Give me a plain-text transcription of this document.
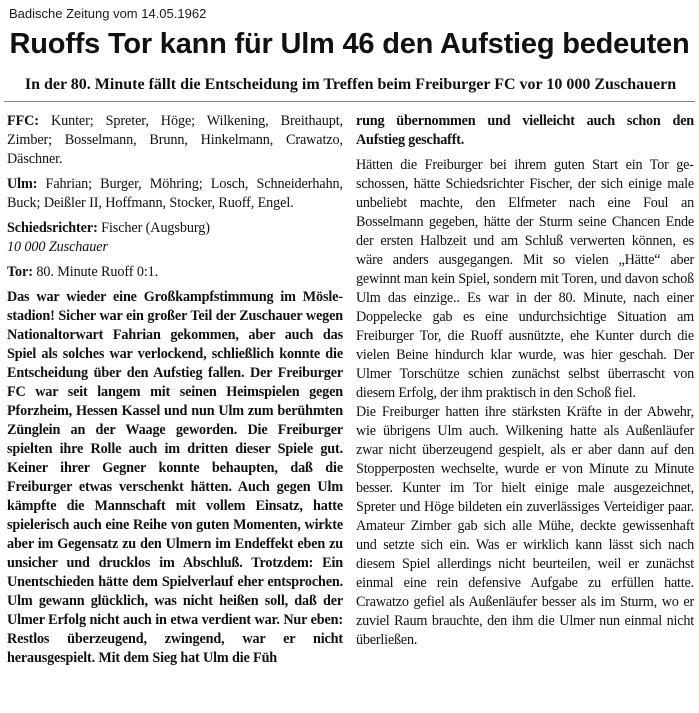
Badische Zeitung vom 14.05.1962
Ruoffs Tor kann für Ulm 46 den Aufstieg bedeuten
In der 80. Minute fällt die Entscheidung im Treffen beim Freiburger FC vor 10 000 Zuschauern

FFC: Kunter; Spreter, Höge; Wilkening, Breithaupt, Zimber; Bosselmann, Brunn, Hinkelmann, Crawatzo, Däschner.

Ulm: Fahrian; Burger, Möhring; Losch, Schneiderhahn, Buck; Deißler II, Hoffmann, Stocker, Ruoff, Engel.

Schiedsrichter: Fischer (Augsburg)

10 000 Zuschauer

Tor: 80. Minute Ruoff 0:1.

Das war wieder eine Großkampfstimmung im Möslestadion! Sicher war ein großer Teil der Zuschauer wegen Nationaltorwart Fahrian gekommen, aber auch das Spiel als solches war verlockend, schließlich konnte die Entscheidung über den Aufstieg fallen. Der Freiburger FC war seit langem mit seinen Heimspielen gegen Pforzheim, Hessen Kassel und nun Ulm zum berühmten Zünglein an der Waage geworden. Die Freiburger spielten ihre Rolle auch im dritten dieser Spiele gut. Keiner ihrer Gegner konnte behaupten, daß die Freiburger etwas verschenkt hätten. Auch gegen Ulm kämpfte die Mannschaft mit vollem Einsatz, hatte spielerisch auch eine Reihe von guten Momenten, wirkte aber im Gegensatz zu den Ulmern im Endeffekt eben zu unsicher und drucklos im Abschluß. Trotzdem: Ein Unentschieden hätte dem Spielverlauf eher entsprochen. Ulm gewann glücklich, was nicht heißen soll, daß der Ulmer Erfolg nicht auch in etwa verdient war. Nur eben: Restlos überzeugend, zwingend, war er nicht herausgespielt. Mit dem Sieg hat Ulm die Füh

rung übernommen und vielleicht auch schon den Aufstieg geschafft.

Hätten die Freiburger bei ihrem guten Start ein Tor geschossen, hätte Schiedsrichter Fischer, der sich einige male unbeliebt machte, den Elfmeter nach eine Foul an Bosselmann gegeben, hätte der Sturm seine Chancen Ende der ersten Halbzeit und am Schluß verwerten können, es wäre anders ausgegangen. Mit so vielen „Hätte“ aber gewinnt man kein Spiel, sondern mit Toren, und davon schoß Ulm das einzige.. Es war in der 80. Minute, nach einer Doppelecke gab es eine undurchsichtige Situation am Freiburger Tor, die Ruoff ausnützte, ehe Kunter durch die vielen Beine hindurch klar wurde, was hier geschah. Der Ulmer Torschütze schien zunächst selbst überrascht von diesem Erfolg, der ihm praktisch in den Schoß fiel.

Die Freiburger hatten ihre stärksten Kräfte in der Abwehr, wie übrigens Ulm auch. Wilkening hatte als Außenläufer zwar nicht überzeugend gespielt, als er aber dann auf den Stopperposten wechselte, wurde er von Minute zu Minute besser. Kunter im Tor hielt einige male ausgezeichnet, Spreter und Höge bildeten ein zuverlässiges Verteidiger paar. Amateur Zimber gab sich alle Mühe, deckte gewissenhaft und setzte sich ein. Was er wirklich kann lässt sich nach diesem Spiel allerdings nicht beurteilen, weil er zunächst einmal eine rein defensive Aufgabe zu erfüllen hatte. Crawatzo gefiel als Außenläufer besser als im Sturm, wo er zuviel Raum brauchte, den ihm die Ulmer nun einmal nicht überließen.
